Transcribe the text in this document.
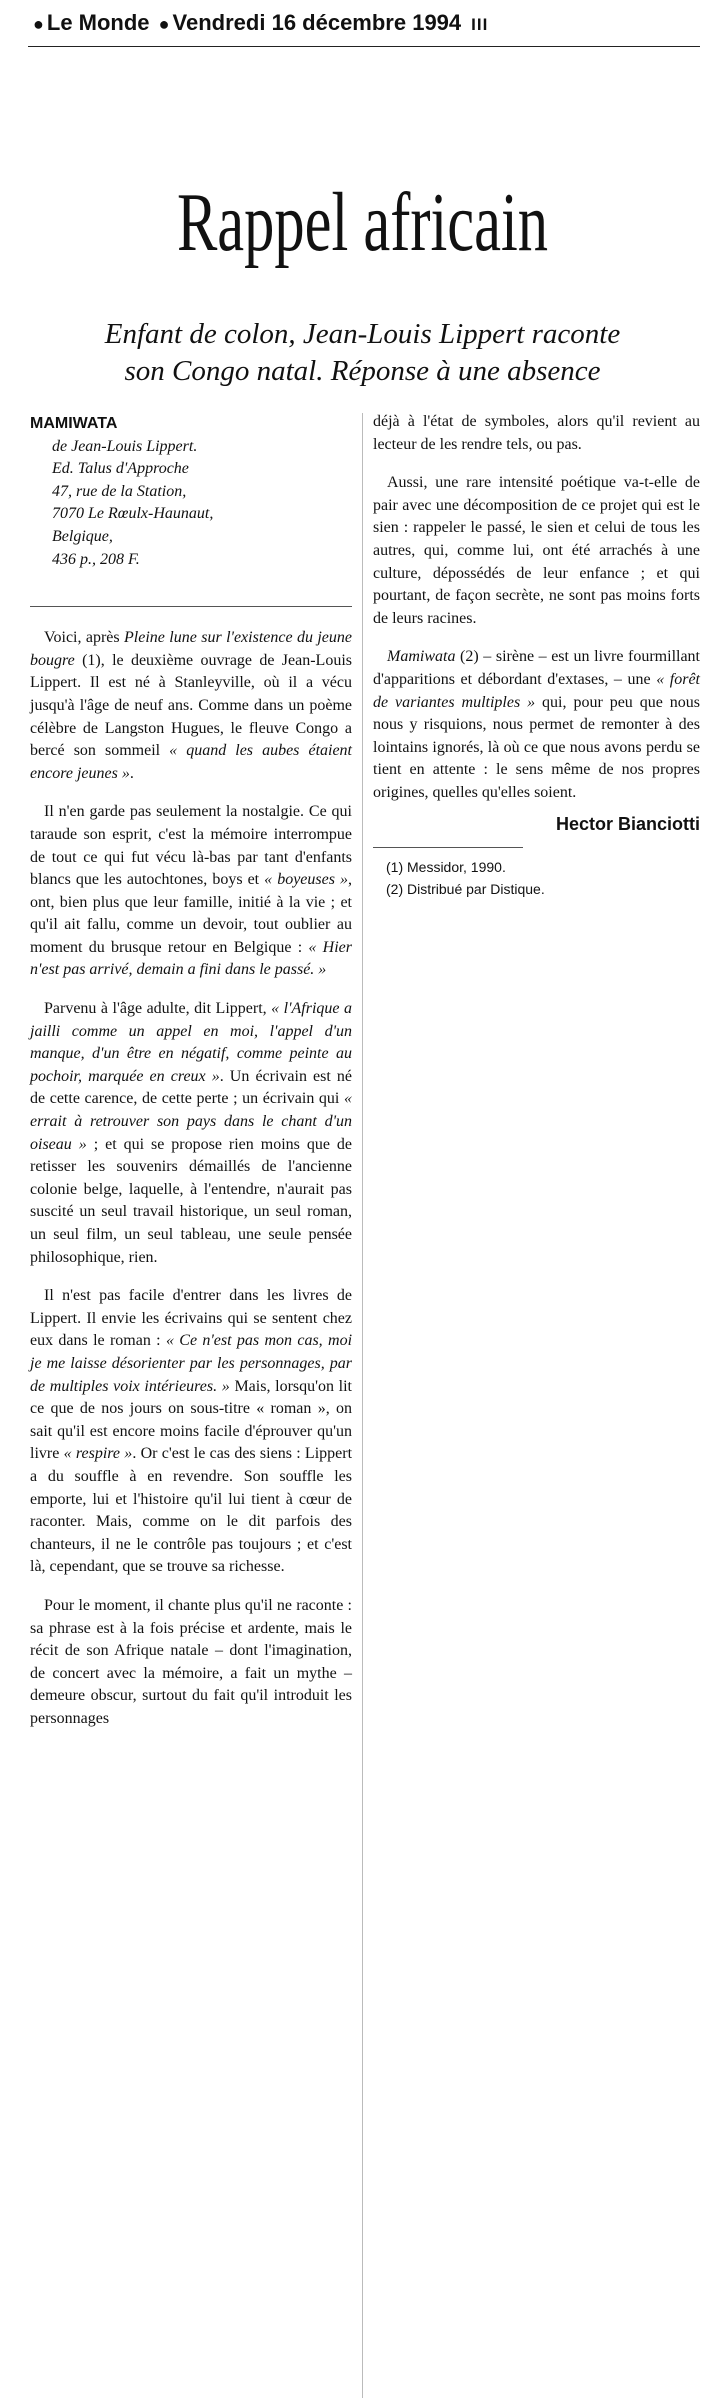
● Le Monde ● Vendredi 16 décembre 1994 III
Rappel africain
Enfant de colon, Jean-Louis Lippert raconte
son Congo natal. Réponse à une absence
MAMIWATA
de Jean-Louis Lippert.
Ed. Talus d'Approche
47, rue de la Station,
7070 Le Rœulx-Haunaut,
Belgique,
436 p., 208 F.

Voici, après Pleine lune sur l'existence du jeune bougre (1), le deuxième ouvrage de Jean-Louis Lippert. Il est né à Stanleyville, où il a vécu jusqu'à l'âge de neuf ans. Comme dans un poème célèbre de Langston Hugues, le fleuve Congo a bercé son sommeil « quand les aubes étaient encore jeunes ».

Il n'en garde pas seulement la nostalgie. Ce qui taraude son esprit, c'est la mémoire interrompue de tout ce qui fut vécu là-bas par tant d'enfants blancs que les autochtones, boys et « boyeuses », ont, bien plus que leur famille, initié à la vie ; et qu'il ait fallu, comme un devoir, tout oublier au moment du brusque retour en Belgique : « Hier n'est pas arrivé, demain a fini dans le passé. »

Parvenu à l'âge adulte, dit Lippert, « l'Afrique a jailli comme un appel en moi, l'appel d'un manque, d'un être en négatif, comme peinte au pochoir, marquée en creux ». Un écrivain est né de cette carence, de cette perte ; un écrivain qui « errait à retrouver son pays dans le chant d'un oiseau » ; et qui se propose rien moins que de retisser les souvenirs démaillés de l'ancienne colonie belge, laquelle, à l'entendre, n'aurait pas suscité un seul travail historique, un seul roman, un seul film, un seul tableau, une seule pensée philosophique, rien.

Il n'est pas facile d'entrer dans les livres de Lippert. Il envie les écrivains qui se sentent chez eux dans le roman : « Ce n'est pas mon cas, moi je me laisse désorienter par les personnages, par de multiples voix intérieures. » Mais, lorsqu'on lit ce que de nos jours on sous-titre « roman », on sait qu'il est encore moins facile d'éprouver qu'un livre « respire ». Or c'est le cas des siens : Lippert a du souffle à en revendre. Son souffle les emporte, lui et l'histoire qu'il lui tient à cœur de raconter. Mais, comme on le dit parfois des chanteurs, il ne le contrôle pas toujours ; et c'est là, cependant, que se trouve sa richesse.

Pour le moment, il chante plus qu'il ne raconte : sa phrase est à la fois précise et ardente, mais le récit de son Afrique natale – dont l'imagination, de concert avec la mémoire, a fait un mythe – demeure obscur, surtout du fait qu'il introduit les personnages

déjà à l'état de symboles, alors qu'il revient au lecteur de les rendre tels, ou pas.

Aussi, une rare intensité poétique va-t-elle de pair avec une décomposition de ce projet qui est le sien : rappeler le passé, le sien et celui de tous les autres, qui, comme lui, ont été arrachés à une culture, dépossédés de leur enfance ; et qui pourtant, de façon secrète, ne sont pas moins forts de leurs racines.

Mamiwata (2) – sirène – est un livre fourmillant d'apparitions et débordant d'extases, – une « forêt de variantes multiples » qui, pour peu que nous nous y risquions, nous permet de remonter à des lointains ignorés, là où ce que nous avons perdu se tient en attente : le sens même de nos propres origines, quelles qu'elles soient.

Hector Bianciotti
(1) Messidor, 1990.
(2) Distribué par Distique.
